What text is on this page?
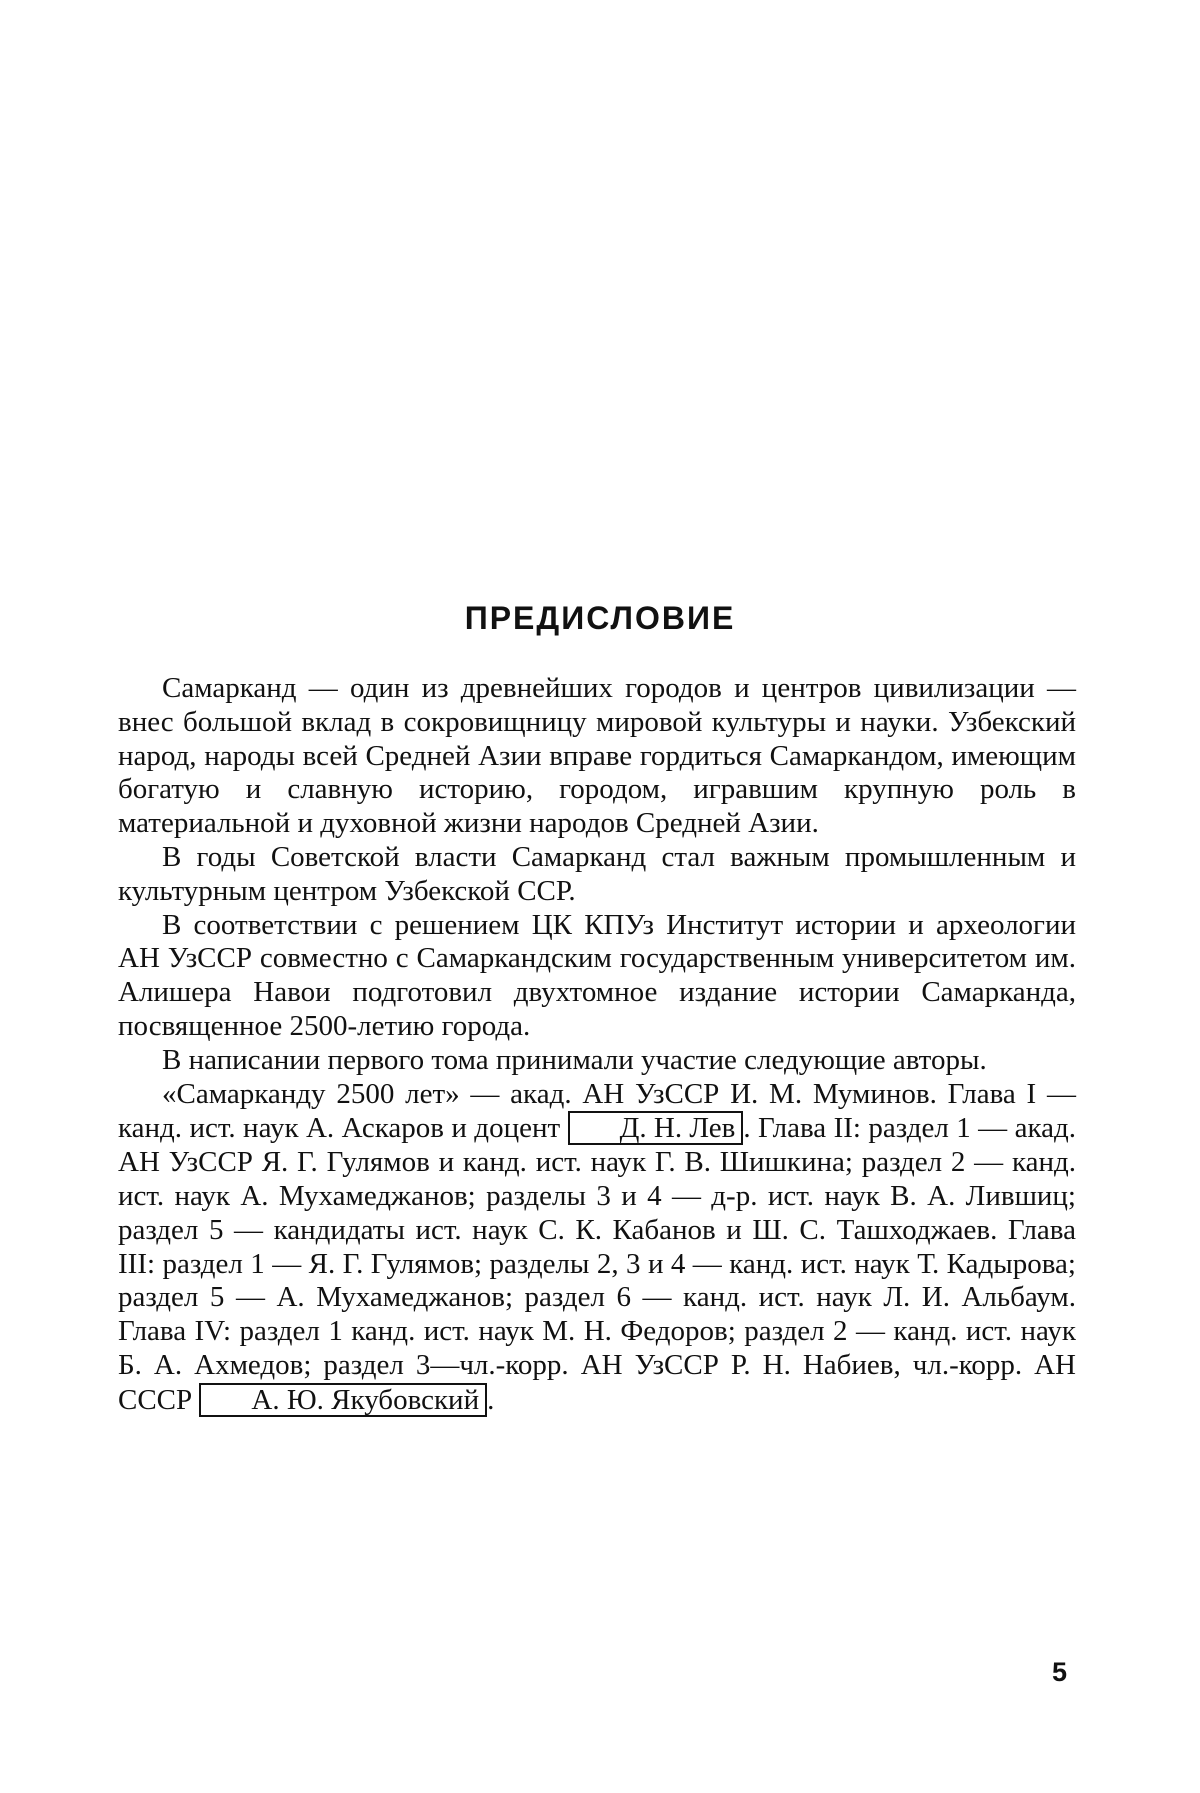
ПРЕДИСЛОВИЕ

Самарканд — один из древнейших городов и центров цивилизации — внес большой вклад в сокровищницу мировой культуры и науки. Узбекский народ, народы всей Средней Азии вправе гордиться Самаркандом, имеющим богатую и славную историю, городом, игравшим крупную роль в материальной и духовной жизни народов Средней Азии.

В годы Советской власти Самарканд стал важным промышленным и культурным центром Узбекской ССР.

В соответствии с решением ЦК КПУз Институт истории и археологии АН УзССР совместно с Самаркандским государственным университетом им. Алишера Навои подготовил двухтомное издание истории Самарканда, посвященное 2500-летию города.

В написании первого тома принимали участие следующие авторы.

«Самарканду 2500 лет» — акад. АН УзССР И. М. Муминов. Глава I — канд. ист. наук А. Аскаров и доцент Д. Н. Лев . Глава II: раздел 1 — акад. АН УзССР Я. Г. Гулямов и канд. ист. наук Г. В. Шишкина; раздел 2 — канд. ист. наук А. Мухамеджанов; разделы 3 и 4 — д-р. ист. наук В. А. Лившиц; раздел 5 — кандидаты ист. наук С. К. Кабанов и Ш. С. Ташходжаев. Глава III: раздел 1 — Я. Г. Гулямов; разделы 2, 3 и 4 — канд. ист. наук Т. Кадырова; раздел 5 — А. Мухамеджанов; раздел 6 — канд. ист. наук Л. И. Альбаум. Глава IV: раздел 1 канд. ист. наук М. Н. Федоров; раздел 2 — канд. ист. наук Б. А. Ахмедов; раздел 3—чл.-корр. АН УзССР Р. Н. Набиев, чл.-корр. АН СССР А. Ю. Якубовский .

5
